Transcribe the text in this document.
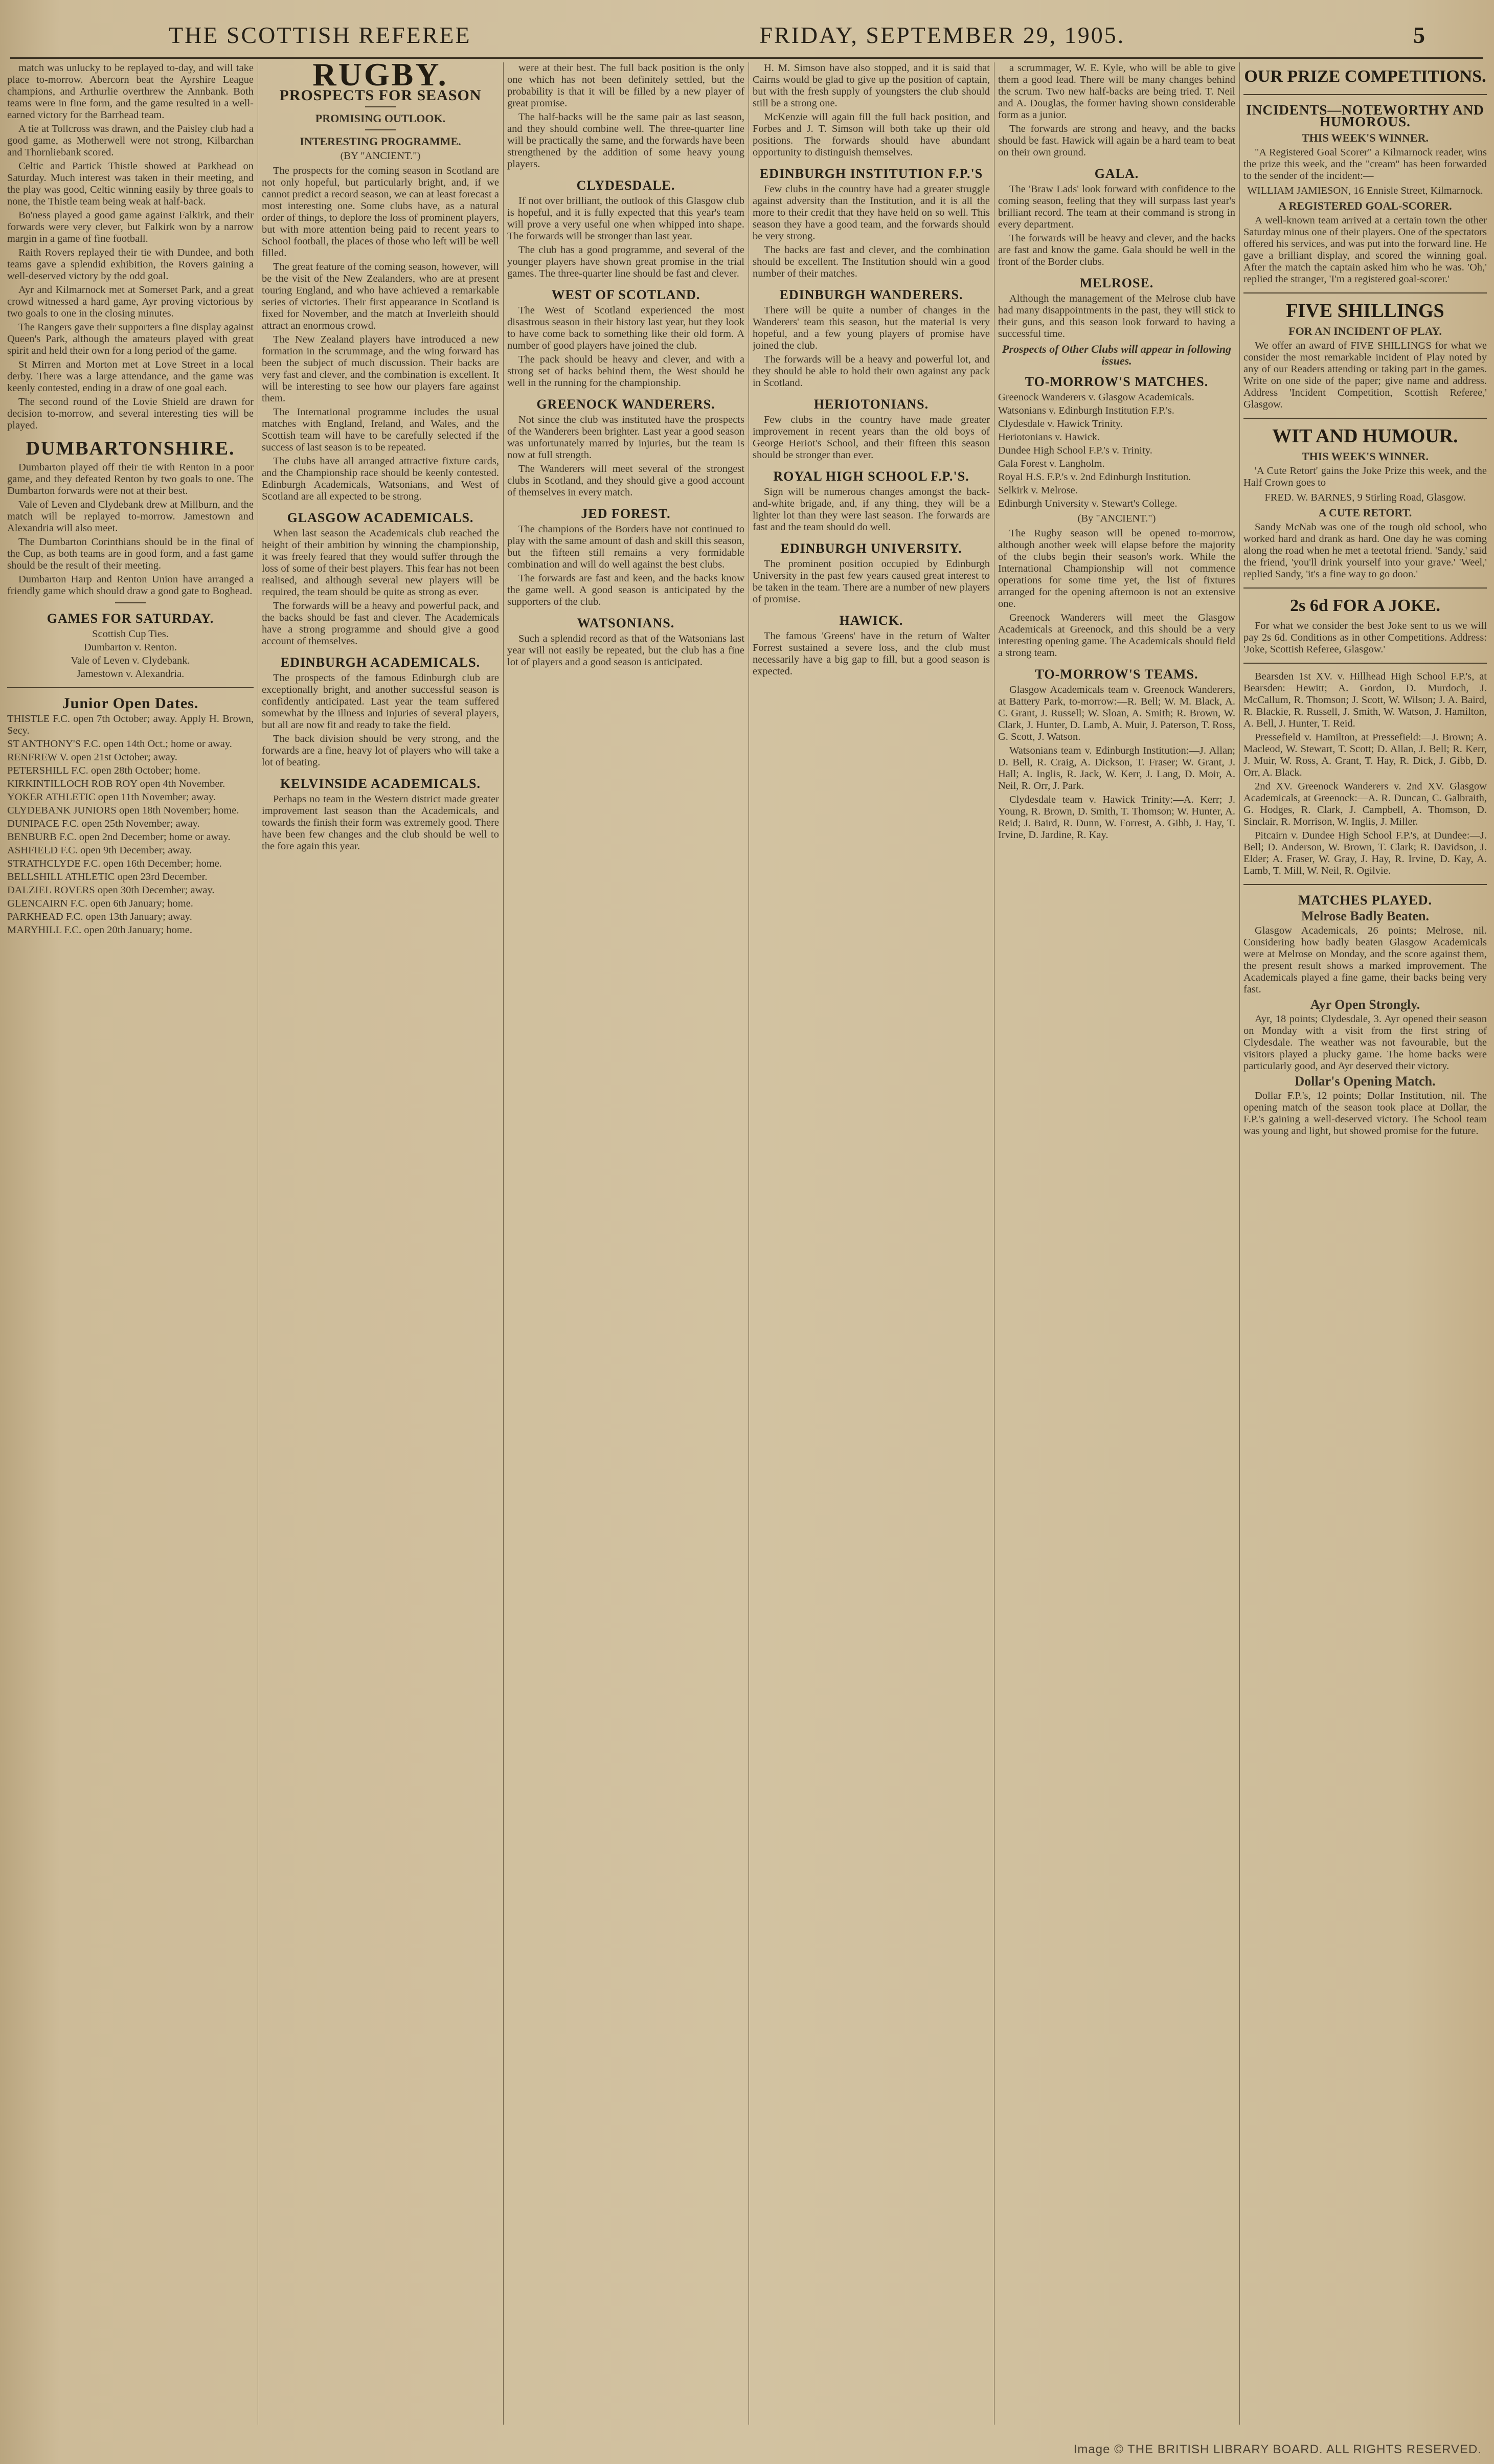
THE SCOTTISH REFEREE	FRIDAY, SEPTEMBER 29, 1905.	5

match was unlucky to be replayed to-day, and will take place to-morrow. Abercorn beat the Ayrshire League champions, and Arthurlie overthrew the Annbank. Both teams were in fine form, and the game resulted in a well-earned victory for the Barrhead team.

A tie at Tollcross was drawn, and the Paisley club had a good game, as Motherwell were not strong, Kilbarchan and Thornliebank scored.

Celtic and Partick Thistle showed at Parkhead on Saturday. Much interest was taken in their meeting, and the play was good, Celtic winning easily by three goals to none, the Thistle team being weak at half-back.

Bo'ness played a good game against Falkirk, and their forwards were very clever, but Falkirk won by a narrow margin in a game of fine football.

Raith Rovers replayed their tie with Dundee, and both teams gave a splendid exhibition, the Rovers gaining a well-deserved victory by the odd goal.

Ayr and Kilmarnock met at Somerset Park, and a great crowd witnessed a hard game, Ayr proving victorious by two goals to one in the closing minutes.

The Rangers gave their supporters a fine display against Queen's Park, although the amateurs played with great spirit and held their own for a long period of the game.

St Mirren and Morton met at Love Street in a local derby. There was a large attendance, and the game was keenly contested, ending in a draw of one goal each.

The second round of the Lovie Shield are drawn for decision to-morrow, and several interesting ties will be played.

DUMBARTONSHIRE.

Dumbarton played off their tie with Renton in a poor game, and they defeated Renton by two goals to one. The Dumbarton forwards were not at their best.

Vale of Leven and Clydebank drew at Millburn, and the match will be replayed to-morrow. Jamestown and Alexandria will also meet.

The Dumbarton Corinthians should be in the final of the Cup, as both teams are in good form, and a fast game should be the result of their meeting.

Dumbarton Harp and Renton Union have arranged a friendly game which should draw a good gate to Boghead.

GAMES FOR SATURDAY.

Scottish Cup Ties.

Dumbarton v. Renton.

Vale of Leven v. Clydebank.

Jamestown v. Alexandria.

Junior Open Dates.

THISTLE F.C. open 7th October; away. Apply H. Brown, Secy.

ST ANTHONY'S F.C. open 14th Oct.; home or away.

RENFREW V. open 21st October; away.

PETERSHILL F.C. open 28th October; home.

KIRKINTILLOCH ROB ROY open 4th November.

YOKER ATHLETIC open 11th November; away.

CLYDEBANK JUNIORS open 18th November; home.

DUNIPACE F.C. open 25th November; away.

BENBURB F.C. open 2nd December; home or away.

ASHFIELD F.C. open 9th December; away.

STRATHCLYDE F.C. open 16th December; home.

BELLSHILL ATHLETIC open 23rd December.

DALZIEL ROVERS open 30th December; away.

GLENCAIRN F.C. open 6th January; home.

PARKHEAD F.C. open 13th January; away.

MARYHILL F.C. open 20th January; home.

RUGBY.
PROSPECTS FOR SEASON
PROMISING OUTLOOK.
INTERESTING PROGRAMME.
(BY "ANCIENT.")

The prospects for the coming season in Scotland are not only hopeful, but particularly bright, and, if we cannot predict a record season, we can at least forecast a most interesting one. Some clubs have, as a natural order of things, to deplore the loss of prominent players, but with more attention being paid to recent years to School football, the places of those who left will be well filled.

The great feature of the coming season, however, will be the visit of the New Zealanders, who are at present touring England, and who have achieved a remarkable series of victories. Their first appearance in Scotland is fixed for November, and the match at Inverleith should attract an enormous crowd.

The New Zealand players have introduced a new formation in the scrummage, and the wing forward has been the subject of much discussion. Their backs are very fast and clever, and the combination is excellent. It will be interesting to see how our players fare against them.

The International programme includes the usual matches with England, Ireland, and Wales, and the Scottish team will have to be carefully selected if the success of last season is to be repeated.

The clubs have all arranged attractive fixture cards, and the Championship race should be keenly contested. Edinburgh Academicals, Watsonians, and West of Scotland are all expected to be strong.

GLASGOW ACADEMICALS.

When last season the Academicals club reached the height of their ambition by winning the championship, it was freely feared that they would suffer through the loss of some of their best players. This fear has not been realised, and although several new players will be required, the team should be quite as strong as ever.

The forwards will be a heavy and powerful pack, and the backs should be fast and clever. The Academicals have a strong programme and should give a good account of themselves.

EDINBURGH ACADEMICALS.

The prospects of the famous Edinburgh club are exceptionally bright, and another successful season is confidently anticipated. Last year the team suffered somewhat by the illness and injuries of several players, but all are now fit and ready to take the field.

The back division should be very strong, and the forwards are a fine, heavy lot of players who will take a lot of beating.

KELVINSIDE ACADEMICALS.

Perhaps no team in the Western district made greater improvement last season than the Academicals, and towards the finish their form was extremely good. There have been few changes and the club should be well to the fore again this year.

were at their best. The full back position is the only one which has not been definitely settled, but the probability is that it will be filled by a new player of great promise.

The half-backs will be the same pair as last season, and they should combine well. The three-quarter line will be practically the same, and the forwards have been strengthened by the addition of some heavy young players.

CLYDESDALE.

If not over brilliant, the outlook of this Glasgow club is hopeful, and it is fully expected that this year's team will prove a very useful one when whipped into shape. The forwards will be stronger than last year.

The club has a good programme, and several of the younger players have shown great promise in the trial games. The three-quarter line should be fast and clever.

WEST OF SCOTLAND.

The West of Scotland experienced the most disastrous season in their history last year, but they look to have come back to something like their old form. A number of good players have joined the club.

The pack should be heavy and clever, and with a strong set of backs behind them, the West should be well in the running for the championship.

GREENOCK WANDERERS.

Not since the club was instituted have the prospects of the Wanderers been brighter. Last year a good season was unfortunately marred by injuries, but the team is now at full strength.

The Wanderers will meet several of the strongest clubs in Scotland, and they should give a good account of themselves in every match.

JED FOREST.

The champions of the Borders have not continued to play with the same amount of dash and skill this season, but the fifteen still remains a very formidable combination and will do well against the best clubs.

The forwards are fast and keen, and the backs know the game well. A good season is anticipated by the supporters of the club.

WATSONIANS.

Such a splendid record as that of the Watsonians last year will not easily be repeated, but the club has a fine lot of players and a good season is anticipated.

H. M. Simson have also stopped, and it is said that Cairns would be glad to give up the position of captain, but with the fresh supply of youngsters the club should still be a strong one.

McKenzie will again fill the full back position, and Forbes and J. T. Simson will both take up their old positions. The forwards should have abundant opportunity to distinguish themselves.

EDINBURGH INSTITUTION F.P.'S

Few clubs in the country have had a greater struggle against adversity than the Institution, and it is all the more to their credit that they have held on so well. This season they have a good team, and the forwards should be very strong.

The backs are fast and clever, and the combination should be excellent. The Institution should win a good number of their matches.

EDINBURGH WANDERERS.

There will be quite a number of changes in the Wanderers' team this season, but the material is very hopeful, and a few young players of promise have joined the club.

The forwards will be a heavy and powerful lot, and they should be able to hold their own against any pack in Scotland.

HERIOTONIANS.

Few clubs in the country have made greater improvement in recent years than the old boys of George Heriot's School, and their fifteen this season should be stronger than ever.

ROYAL HIGH SCHOOL F.P.'S.

Sign will be numerous changes amongst the back-and-white brigade, and, if any thing, they will be a lighter lot than they were last season. The forwards are fast and the team should do well.

EDINBURGH UNIVERSITY.

The prominent position occupied by Edinburgh University in the past few years caused great interest to be taken in the team. There are a number of new players of promise.

HAWICK.

The famous 'Greens' have in the return of Walter Forrest sustained a severe loss, and the club must necessarily have a big gap to fill, but a good season is expected.

a scrummager, W. E. Kyle, who will be able to give them a good lead. There will be many changes behind the scrum. Two new half-backs are being tried. T. Neil and A. Douglas, the former having shown considerable form as a junior.

The forwards are strong and heavy, and the backs should be fast. Hawick will again be a hard team to beat on their own ground.

GALA.

The 'Braw Lads' look forward with confidence to the coming season, feeling that they will surpass last year's brilliant record. The team at their command is strong in every department.

The forwards will be heavy and clever, and the backs are fast and know the game. Gala should be well in the front of the Border clubs.

MELROSE.

Although the management of the Melrose club have had many disappointments in the past, they will stick to their guns, and this season look forward to having a successful time.

Prospects of Other Clubs will appear in following issues.
TO-MORROW'S MATCHES.

Greenock Wanderers v. Glasgow Academicals.

Watsonians v. Edinburgh Institution F.P.'s.

Clydesdale v. Hawick Trinity.

Heriotonians v. Hawick.

Dundee High School F.P.'s v. Trinity.

Gala Forest v. Langholm.

Royal H.S. F.P.'s v. 2nd Edinburgh Institution.

Selkirk v. Melrose.

Edinburgh University v. Stewart's College.

(By "ANCIENT.")

The Rugby season will be opened to-morrow, although another week will elapse before the majority of the clubs begin their season's work. While the International Championship will not commence operations for some time yet, the list of fixtures arranged for the opening afternoon is not an extensive one.

Greenock Wanderers will meet the Glasgow Academicals at Greenock, and this should be a very interesting opening game. The Academicals should field a strong team.

TO-MORROW'S TEAMS.

Glasgow Academicals team v. Greenock Wanderers, at Battery Park, to-morrow:—R. Bell; W. M. Black, A. C. Grant, J. Russell; W. Sloan, A. Smith; R. Brown, W. Clark, J. Hunter, D. Lamb, A. Muir, J. Paterson, T. Ross, G. Scott, J. Watson.

Watsonians team v. Edinburgh Institution:—J. Allan; D. Bell, R. Craig, A. Dickson, T. Fraser; W. Grant, J. Hall; A. Inglis, R. Jack, W. Kerr, J. Lang, D. Moir, A. Neil, R. Orr, J. Park.

Clydesdale team v. Hawick Trinity:—A. Kerr; J. Young, R. Brown, D. Smith, T. Thomson; W. Hunter, A. Reid; J. Baird, R. Dunn, W. Forrest, A. Gibb, J. Hay, T. Irvine, D. Jardine, R. Kay.

OUR PRIZE COMPETITIONS.
INCIDENTS—NOTEWORTHY AND HUMOROUS.
THIS WEEK'S WINNER.

"A Registered Goal Scorer" a Kilmarnock reader, wins the prize this week, and the "cream" has been forwarded to the sender of the incident:—

WILLIAM JAMIESON, 16 Ennisle Street, Kilmarnock.
A REGISTERED GOAL-SCORER.

A well-known team arrived at a certain town the other Saturday minus one of their players. One of the spectators offered his services, and was put into the forward line. He gave a brilliant display, and scored the winning goal. After the match the captain asked him who he was. 'Oh,' replied the stranger, 'I'm a registered goal-scorer.'

FIVE SHILLINGS
FOR AN INCIDENT OF PLAY.

We offer an award of FIVE SHILLINGS for what we consider the most remarkable incident of Play noted by any of our Readers attending or taking part in the games. Write on one side of the paper; give name and address. Address 'Incident Competition, Scottish Referee,' Glasgow.

WIT AND HUMOUR.
THIS WEEK'S WINNER.

'A Cute Retort' gains the Joke Prize this week, and the Half Crown goes to

FRED. W. BARNES, 9 Stirling Road, Glasgow.
A CUTE RETORT.

Sandy McNab was one of the tough old school, who worked hard and drank as hard. One day he was coming along the road when he met a teetotal friend. 'Sandy,' said the friend, 'you'll drink yourself into your grave.' 'Weel,' replied Sandy, 'it's a fine way to go doon.'

2s 6d FOR A JOKE.

For what we consider the best Joke sent to us we will pay 2s 6d. Conditions as in other Competitions. Address: 'Joke, Scottish Referee, Glasgow.'

Bearsden 1st XV. v. Hillhead High School F.P.'s, at Bearsden:—Hewitt; A. Gordon, D. Murdoch, J. McCallum, R. Thomson; J. Scott, W. Wilson; J. A. Baird, R. Blackie, R. Russell, J. Smith, W. Watson, J. Hamilton, A. Bell, J. Hunter, T. Reid.

Pressefield v. Hamilton, at Pressefield:—J. Brown; A. Macleod, W. Stewart, T. Scott; D. Allan, J. Bell; R. Kerr, J. Muir, W. Ross, A. Grant, T. Hay, R. Dick, J. Gibb, D. Orr, A. Black.

2nd XV. Greenock Wanderers v. 2nd XV. Glasgow Academicals, at Greenock:—A. R. Duncan, C. Galbraith, G. Hodges, R. Clark, J. Campbell, A. Thomson, D. Sinclair, R. Morrison, W. Inglis, J. Miller.

Pitcairn v. Dundee High School F.P.'s, at Dundee:—J. Bell; D. Anderson, W. Brown, T. Clark; R. Davidson, J. Elder; A. Fraser, W. Gray, J. Hay, R. Irvine, D. Kay, A. Lamb, T. Mill, W. Neil, R. Ogilvie.

MATCHES PLAYED.
Melrose Badly Beaten.

Glasgow Academicals, 26 points; Melrose, nil. Considering how badly beaten Glasgow Academicals were at Melrose on Monday, and the score against them, the present result shows a marked improvement. The Academicals played a fine game, their backs being very fast.

Ayr Open Strongly.

Ayr, 18 points; Clydesdale, 3. Ayr opened their season on Monday with a visit from the first string of Clydesdale. The weather was not favourable, but the visitors played a plucky game. The home backs were particularly good, and Ayr deserved their victory.

Dollar's Opening Match.

Dollar F.P.'s, 12 points; Dollar Institution, nil. The opening match of the season took place at Dollar, the F.P.'s gaining a well-deserved victory. The School team was young and light, but showed promise for the future.

Image © THE BRITISH LIBRARY BOARD. ALL RIGHTS RESERVED.
